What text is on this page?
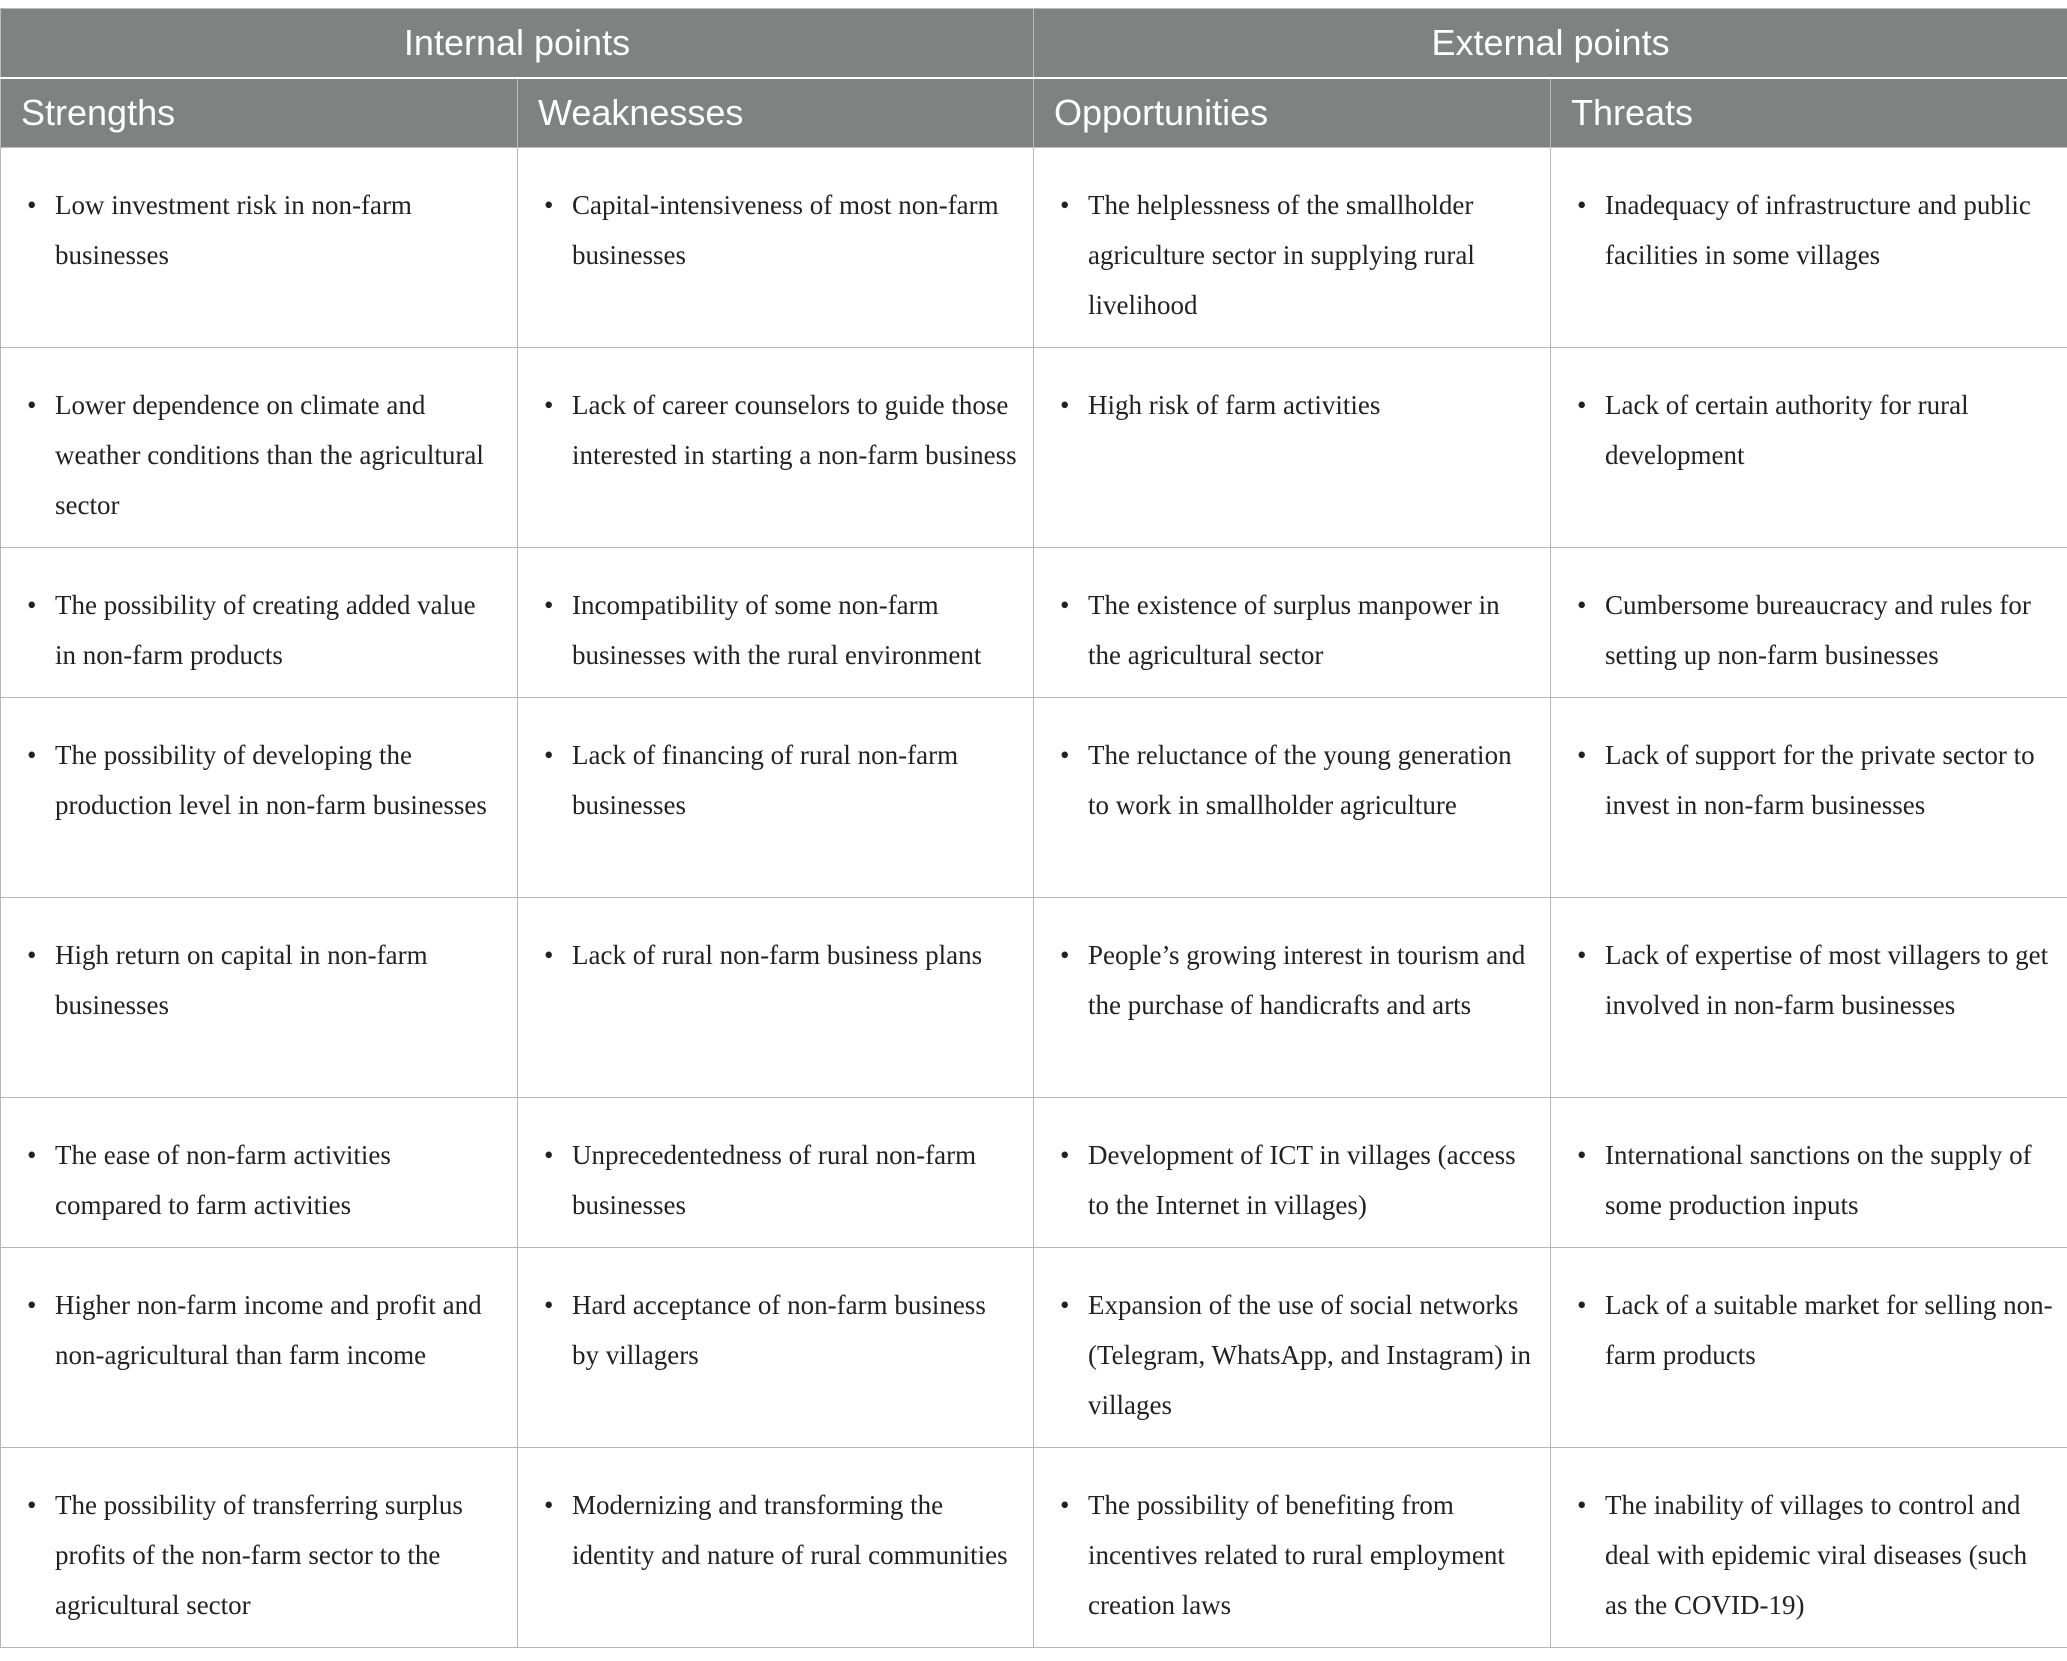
Internal points		External points	
Strengths	Weaknesses	Opportunities	Threats

• Low investment risk in non-farm businesses	• Capital-intensiveness of most non-farm businesses	• The helplessness of the smallholder agriculture sector in supplying rural livelihood	• Inadequacy of infrastructure and public facilities in some villages

• Lower dependence on climate and weather conditions than the agricultural sector	• Lack of career counselors to guide those interested in starting a non-farm business	• High risk of farm activities	• Lack of certain authority for rural development

• The possibility of creating added value in non-farm products	• Incompatibility of some non-farm businesses with the rural environment	• The existence of surplus manpower in the agricultural sector	• Cumbersome bureaucracy and rules for setting up non-farm businesses

• The possibility of developing the production level in non-farm businesses	• Lack of financing of rural non-farm businesses	• The reluctance of the young generation to work in smallholder agriculture	• Lack of support for the private sector to invest in non-farm businesses

• High return on capital in non-farm businesses	• Lack of rural non-farm business plans	• People’s growing interest in tourism and the purchase of handicrafts and arts	• Lack of expertise of most villagers to get involved in non-farm businesses

• The ease of non-farm activities compared to farm activities	• Unprecedentedness of rural non-farm businesses	• Development of ICT in villages (access to the Internet in villages)	• International sanctions on the supply of some production inputs

• Higher non-farm income and profit and non-agricultural than farm income	• Hard acceptance of non-farm business by villagers	• Expansion of the use of social networks (Telegram, WhatsApp, and Instagram) in villages	• Lack of a suitable market for selling non-farm products

• The possibility of transferring surplus profits of the non-farm sector to the agricultural sector	• Modernizing and transforming the identity and nature of rural communities	• The possibility of benefiting from incentives related to rural employment creation laws	• The inability of villages to control and deal with epidemic viral diseases (such as the COVID-19)
